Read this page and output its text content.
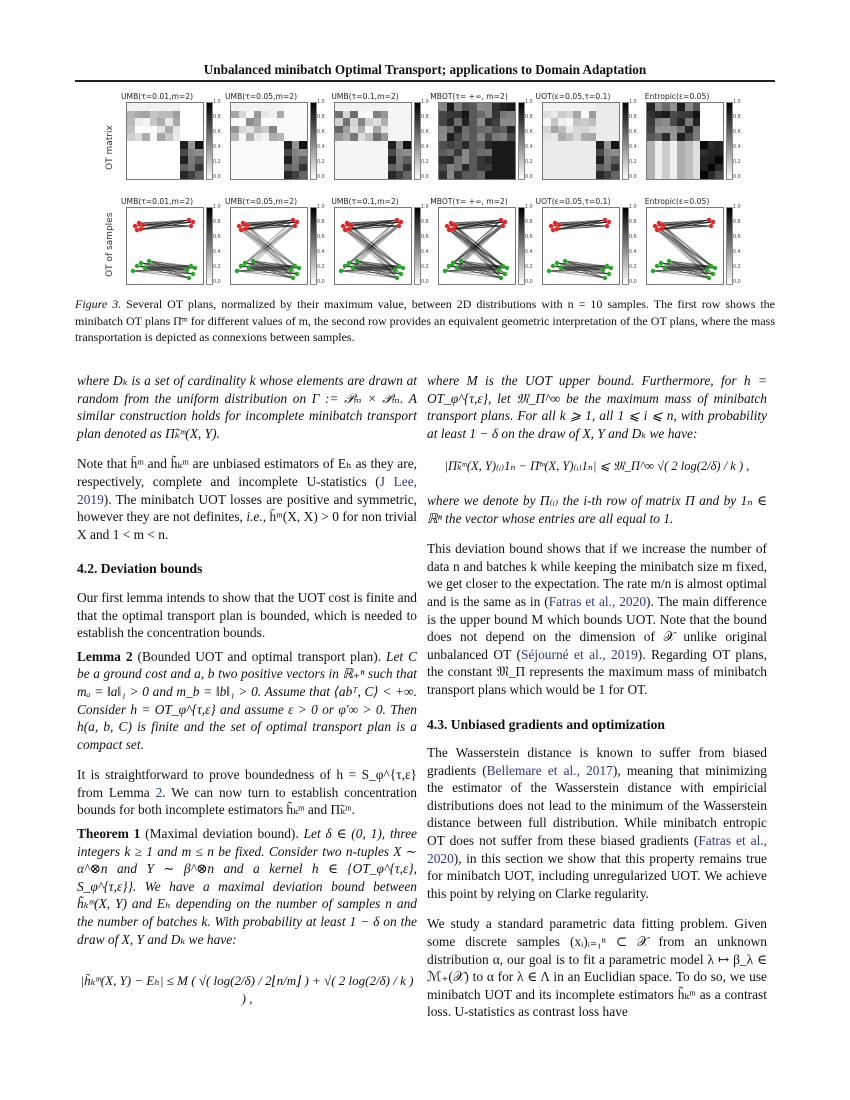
Unbalanced minibatch Optimal Transport; applications to Domain Adaptation
OT matrix
OT of samples
UMB(τ=0.01,m=2)
1.0
0.8
0.6
0.4
0.2
0.0
UMB(τ=0.01,m=2)
1.0
0.8
0.6
0.4
0.2
0.0
UMB(τ=0.05,m=2)
1.0
0.8
0.6
0.4
0.2
0.0
UMB(τ=0.05,m=2)
1.0
0.8
0.6
0.4
0.2
0.0
UMB(τ=0.1,m=2)
1.0
0.8
0.6
0.4
0.2
0.0
UMB(τ=0.1,m=2)
1.0
0.8
0.6
0.4
0.2
0.0
MBOT(τ= +∞, m=2)
1.0
0.8
0.6
0.4
0.2
0.0
MBOT(τ= +∞, m=2)
1.0
0.8
0.6
0.4
0.2
0.0
UOT(ε=0.05,τ=0.1)
1.0
0.8
0.6
0.4
0.2
0.0
UOT(ε=0.05,τ=0.1)
1.0
0.8
0.6
0.4
0.2
0.0
Entropic(ε=0.05)
1.0
0.8
0.6
0.4
0.2
0.0
Entropic(ε=0.05)
1.0
0.8
0.6
0.4
0.2
0.0
Figure 3. Several OT plans, normalized by their maximum value, between 2D distributions with n = 10 samples. The first row shows the minibatch OT plans Π̄ᵐ for different values of m, the second row provides an equivalent geometric interpretation of the OT plans, where the mass transportation is depicted as connexions between samples.

where Dₖ is a set of cardinality k whose elements are drawn at random from the uniform distribution on Γ := 𝒫ₘ × 𝒫ₘ. A similar construction holds for incomplete minibatch transport plan denoted as Π̃ₖᵐ(X, Y).

Note that h̄ᵐ and h̃ₖᵐ are unbiased estimators of Eₕ as they are, respectively, complete and incomplete U-statistics (J Lee, 2019). The minibatch UOT losses are positive and symmetric, however they are not definites, i.e., h̄ᵐ(X, X) > 0 for non trivial X and 1 < m < n.

4.2. Deviation bounds

Our first lemma intends to show that the UOT cost is finite and that the optimal transport plan is bounded, which is needed to establish the concentration bounds.

Lemma 2 (Bounded UOT and optimal transport plan). Let C be a ground cost and a, b two positive vectors in ℝ₊ⁿ such that mₐ = ‖a‖₁ > 0 and m_b = ‖b‖₁ > 0. Assume that ⟨abᵀ, C⟩ < +∞. Consider h = OT_φ^{τ,ε} and assume ε > 0 or φ′∞ > 0. Then h(a, b, C) is finite and the set of optimal transport plan is a compact set.

It is straightforward to prove boundedness of h = S_φ^{τ,ε} from Lemma 2. We can now turn to establish concentration bounds for both incomplete estimators h̃ₖᵐ and Π̃ₖᵐ.

Theorem 1 (Maximal deviation bound). Let δ ∈ (0, 1), three integers k ≥ 1 and m ≤ n be fixed. Consider two n-tuples X ∼ α^⊗n and Y ∼ β^⊗n and a kernel h ∈ {OT_φ^{τ,ε}, S_φ^{τ,ε}}. We have a maximal deviation bound between h̃ₖᵐ(X, Y) and Eₕ depending on the number of samples n and the number of batches k. With probability at least 1 − δ on the draw of X, Y and Dₖ we have:

|h̃ₖᵐ(X, Y) − Eₕ| ≤ M ( √( log(2/δ) / 2⌊n/m⌋ ) + √( 2 log(2/δ) / k ) ) ,

where M is the UOT upper bound. Furthermore, for h = OT_φ^{τ,ε}, let 𝔐_Π^∞ be the maximum mass of minibatch transport plans. For all k ⩾ 1, all 1 ⩽ i ⩽ n, with probability at least 1 − δ on the draw of X, Y and Dₖ we have:

|Π̃ₖᵐ(X, Y)₍ᵢ₎1ₙ − Π̄ᵐ(X, Y)₍ᵢ₎1ₙ| ⩽ 𝔐_Π^∞ √( 2 log(2/δ) / k ) ,

where we denote by Π₍ᵢ₎ the i-th row of matrix Π and by 1ₙ ∈ ℝⁿ the vector whose entries are all equal to 1.

This deviation bound shows that if we increase the number of data n and batches k while keeping the minibatch size m fixed, we get closer to the expectation. The rate m/n is almost optimal and is the same as in (Fatras et al., 2020). The main difference is the upper bound M which bounds UOT. Note that the bound does not depend on the dimension of 𝒳 unlike original unbalanced OT (Séjourné et al., 2019). Regarding OT plans, the constant 𝔐_Π represents the maximum mass of minibatch transport plans which would be 1 for OT.

4.3. Unbiased gradients and optimization

The Wasserstein distance is known to suffer from biased gradients (Bellemare et al., 2017), meaning that minimizing the estimator of the Wasserstein distance with empiricial distributions does not lead to the minimum of the Wasserstein distance between full distribution. While minibatch entropic OT does not suffer from these biased gradients (Fatras et al., 2020), in this section we show that this property remains true for minibatch UOT, including unregularized UOT. We achieve this point by relying on Clarke regularity.

We study a standard parametric data fitting problem. Given some discrete samples (xᵢ)ᵢ₌₁ⁿ ⊂ 𝒳 from an unknown distribution α, our goal is to fit a parametric model λ ↦ β_λ ∈ ℳ₊(𝒳) to α for λ ∈ Λ in an Euclidian space. To do so, we use minibatch UOT and its incomplete estimators h̃ₖᵐ as a contrast loss. U-statistics as contrast loss have
